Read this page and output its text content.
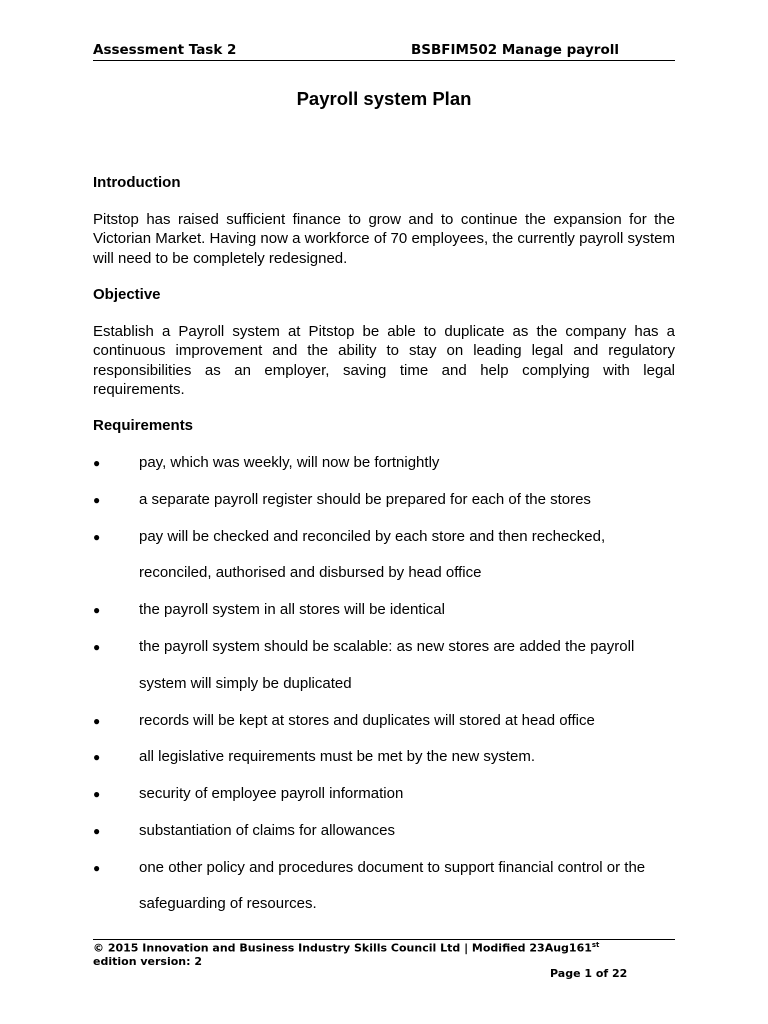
Assessment Task 2	BSBFIM502 Manage payroll
Payroll system Plan
Introduction
Pitstop has raised sufficient finance to grow and to continue the expansion for the Victorian Market. Having now a workforce of 70 employees, the currently payroll system will need to be completely redesigned.
Objective
Establish a Payroll system at Pitstop be able to duplicate as the company has a continuous improvement and the ability to stay on leading legal and regulatory responsibilities as an employer, saving time and help complying with legal requirements.
Requirements
●	pay, which was weekly, will now be fortnightly
●	a separate payroll register should be prepared for each of the stores
●	pay will be checked and reconciled by each store and then rechecked,
reconciled, authorised and disbursed by head office
●	the payroll system in all stores will be identical
●	the payroll system should be scalable: as new stores are added the payroll
system will simply be duplicated
●	records will be kept at stores and duplicates will stored at head office
●	all legislative requirements must be met by the new system.
●	security of employee payroll information
●	substantiation of claims for allowances
●	one other policy and procedures document to support financial control or the
safeguarding of resources.
© 2015 Innovation and Business Industry Skills Council Ltd | Modified 23Aug161st
edition version: 2
Page 1 of 22
